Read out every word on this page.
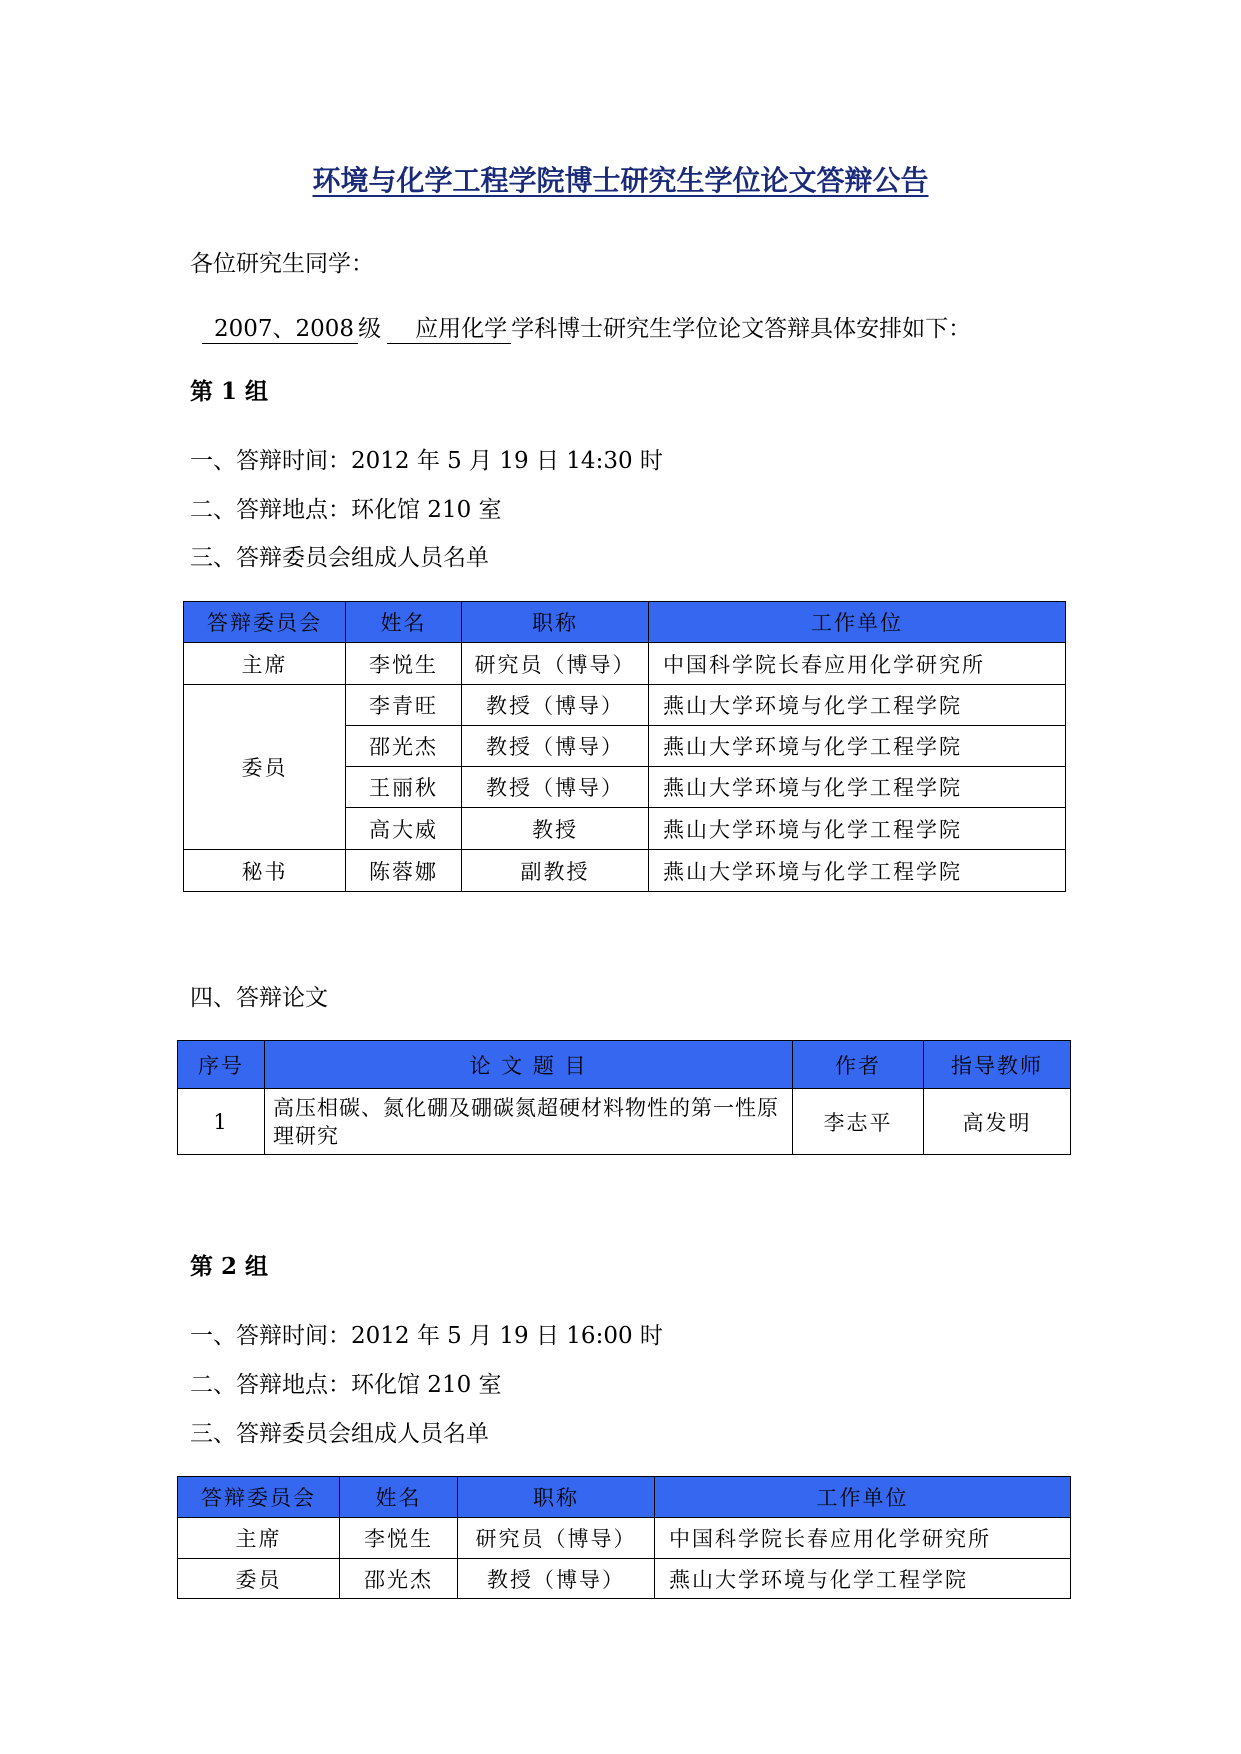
环境与化学工程学院博士研究生学位论文答辩公告
各位研究生同学：
2007、2008 级 应用化学 学科博士研究生学位论文答辩具体安排如下：
第 1 组
一、答辩时间：2012 年 5 月 19 日 14:30 时
二、答辩地点：环化馆 210 室
三、答辩委员会组成人员名单
答辩委员会	姓名	职称	工作单位
主席	李悦生	研究员（博导）	中国科学院长春应用化学研究所
委员	李青旺	教授（博导）	燕山大学环境与化学工程学院
	邵光杰	教授（博导）	燕山大学环境与化学工程学院
	王丽秋	教授（博导）	燕山大学环境与化学工程学院
	高大威	教授	燕山大学环境与化学工程学院
秘书	陈蓉娜	副教授	燕山大学环境与化学工程学院
四、答辩论文
序号	论 文 题 目	作者	指导教师
1	高压相碳、氮化硼及硼碳氮超硬材料物性的第一性原理研究	李志平	高发明
第 2 组
一、答辩时间：2012 年 5 月 19 日 16:00 时
二、答辩地点：环化馆 210 室
三、答辩委员会组成人员名单
答辩委员会	姓名	职称	工作单位
主席	李悦生	研究员（博导）	中国科学院长春应用化学研究所
委员	邵光杰	教授（博导）	燕山大学环境与化学工程学院
